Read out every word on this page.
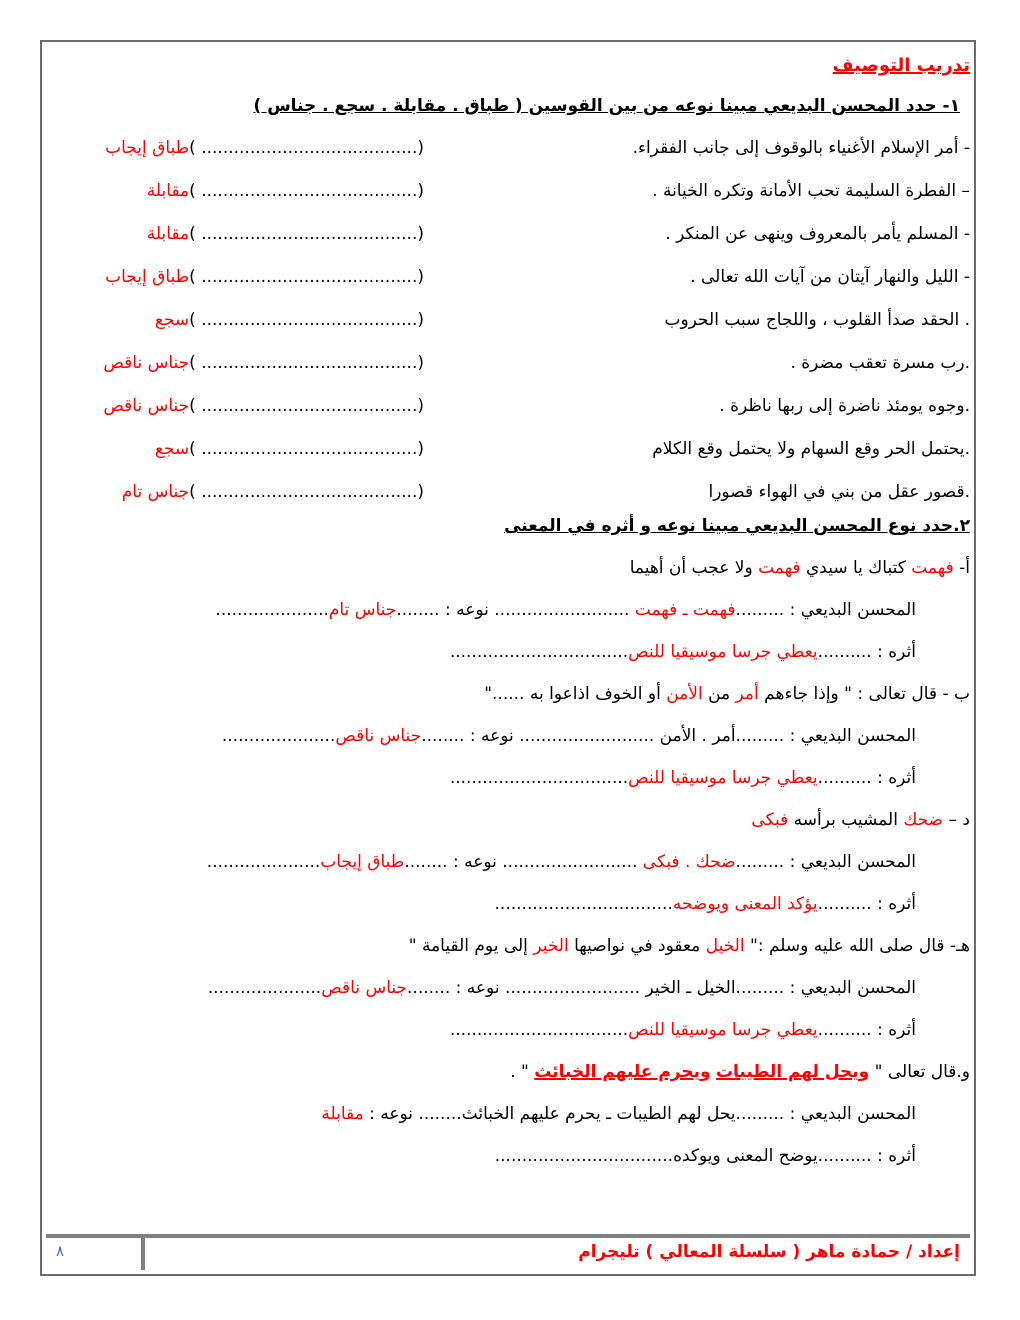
تدريب التوصيف
١- حدد المحسن البديعي مبينا نوعه من بين القوسين ( طباق . مقابلة . سجع . جناس )
- أمر الإسلام الأغنياء بالوقوف إلى جانب الفقراء.
(........................................ )طباق إيجاب
– الفطرة السليمة تحب الأمانة وتكره الخيانة .
(........................................ )مقابلة
- المسلم يأمر بالمعروف وينهى عن المنكر .
(........................................ )مقابلة
- الليل والنهار آيتان من آيات الله تعالى .
(........................................ )طباق إيجاب
. الحقد صدأ القلوب ، واللجاج سبب الحروب
(........................................ )سجع
.رب مسرة تعقب مضرة .
(........................................ )جناس ناقص
.وجوه يومئذ ناضرة إلى ربها ناظرة .
(........................................ )جناس ناقص
.يحتمل الحر وقع السهام ولا يحتمل وقع الكلام
(........................................ )سجع
.قصور عقل من بني في الهواء قصورا
(........................................ )جناس تام
٢.حدد نوع المحسن البديعي مبينا نوعه و أثره في المعنى
أ- فهمت كتباك يا سيدي فهمت ولا عجب أن أهيما
المحسن البديعي : .........فهمت ـ فهمت ......................... نوعه : ........جناس تام.....................
أثره : ..........يعطي جرسا موسيقيا للنص.................................
ب - قال تعالى : " وإذا جاءهم أمر من الأمن أو الخوف اذاعوا به ......"
المحسن البديعي : .........أمر . الأمن ......................... نوعه : ........جناس ناقص.....................
أثره : ..........يعطي جرسا موسيقيا للنص.................................
د – ضحك المشيب برأسه فبكى
المحسن البديعي : .........ضحك . فبكى ......................... نوعه : ........طباق إيجاب.....................
أثره : ..........يؤكد المعنى ويوضحه.................................
هـ- قال صلى الله عليه وسلم :" الخيل معقود في نواصيها الخير إلى يوم القيامة "
المحسن البديعي : .........الخيل ـ الخير ......................... نوعه : ........جناس ناقص.....................
أثره : ..........يعطي جرسا موسيقيا للنص.................................
و.قال تعالى " ويحل لهم الطيبات ويحرم عليهم الخبائث " .
المحسن البديعي : .........يحل لهم الطيبات ـ يحرم عليهم الخبائث........ نوعه : مقابلة
أثره : ..........يوضح المعنى ويوكده.................................
إعداد / حمادة ماهر ( سلسلة المعالي ) تليجرام
٨
